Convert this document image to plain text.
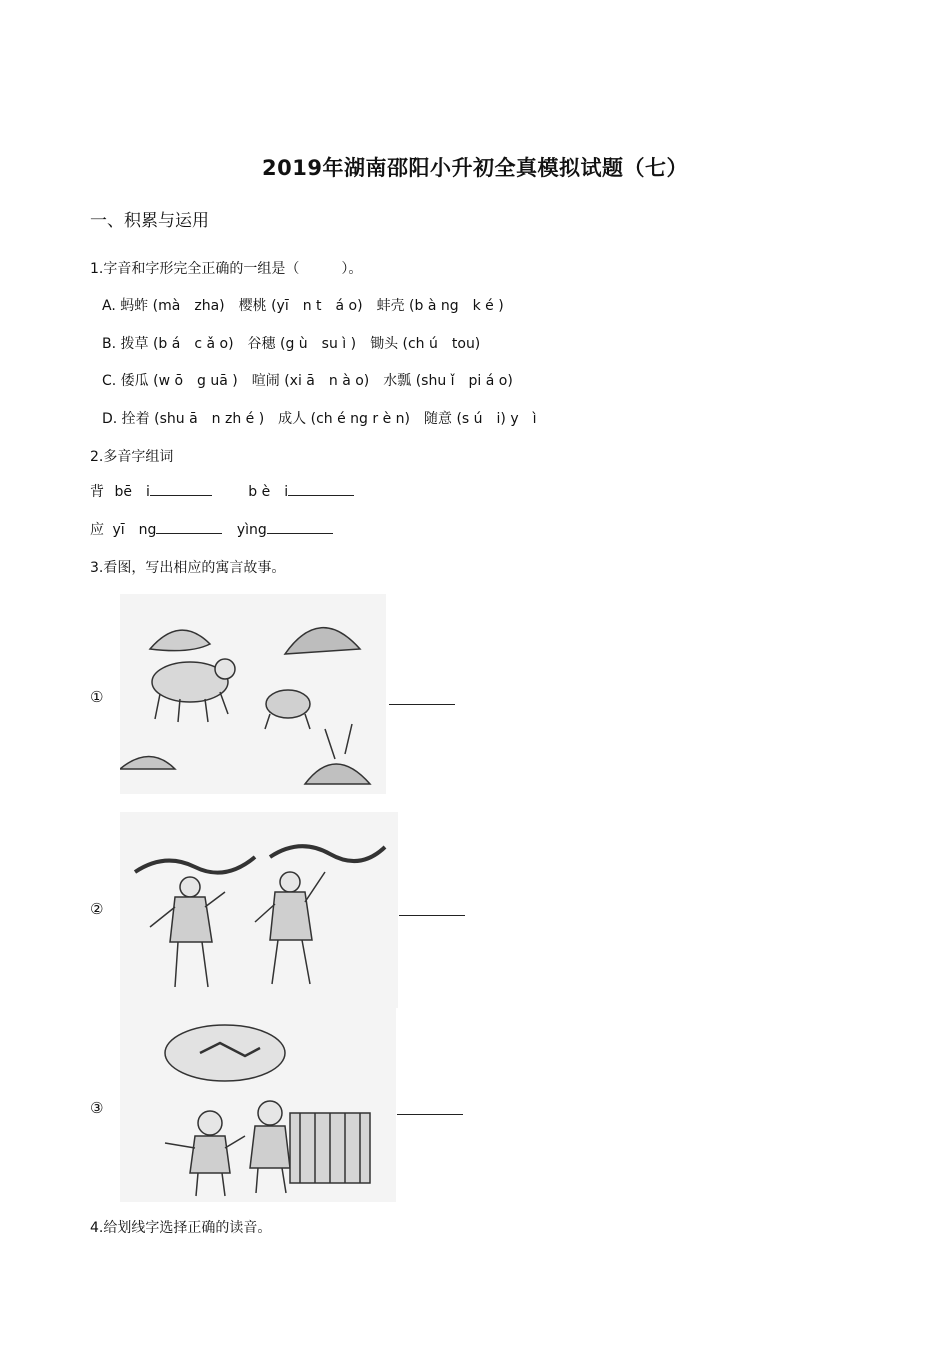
2019年湖南邵阳小升初全真模拟试题（七）
一、积累与运用
1.字音和字形完全正确的一组是（　　　）。
A. 蚂蚱 (mà　zha)　樱桃 (yī　n t　á o)　蚌壳 (b à ng　k é )
B. 拨草 (b á　c ǎ o)　谷穗 (g ù　su ì )　锄头 (ch ú　tou)
C. 倭瓜 (w ō　g uā )　喧闹 (xi ā　n à o)　水瓢 (shu ǐ　pi á o)
D. 拴着 (shu ā　n zh é )　成人 (ch é ng r è n)　随意 (s ú　i) y　ì
2.多音字组词
背 bē　i	b è　i
应 yī　ng	yìng
3.看图，写出相应的寓言故事。
①
②
③
4.给划线字选择正确的读音。
